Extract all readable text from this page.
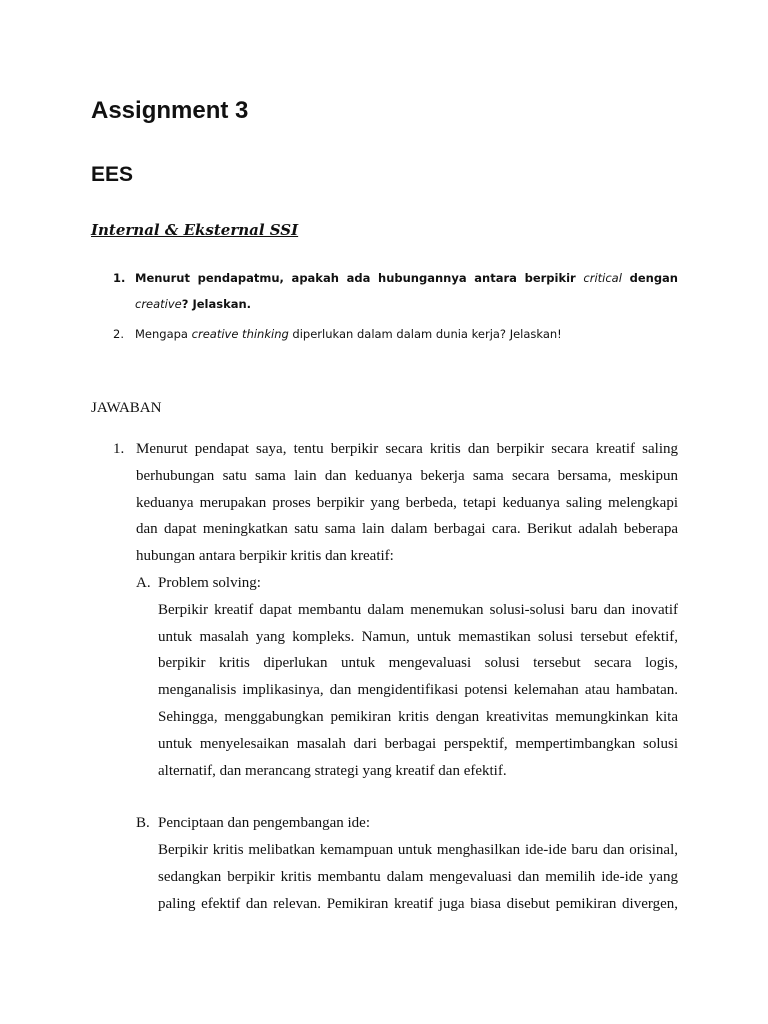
Assignment 3
EES
Internal & Eksternal SSI
1. Menurut pendapatmu, apakah ada hubungannya antara berpikir critical dengan creative? Jelaskan.
2. Mengapa creative thinking diperlukan dalam dalam dunia kerja? Jelaskan!

JAWABAN

1. Menurut pendapat saya, tentu berpikir secara kritis dan berpikir secara kreatif saling berhubungan satu sama lain dan keduanya bekerja sama secara bersama, meskipun keduanya merupakan proses berpikir yang berbeda, tetapi keduanya saling melengkapi dan dapat meningkatkan satu sama lain dalam berbagai cara. Berikut adalah beberapa hubungan antara berpikir kritis dan kreatif:
A. Problem solving:
Berpikir kreatif dapat membantu dalam menemukan solusi-solusi baru dan inovatif untuk masalah yang kompleks. Namun, untuk memastikan solusi tersebut efektif, berpikir kritis diperlukan untuk mengevaluasi solusi tersebut secara logis, menganalisis implikasinya, dan mengidentifikasi potensi kelemahan atau hambatan. Sehingga, menggabungkan pemikiran kritis dengan kreativitas memungkinkan kita untuk menyelesaikan masalah dari berbagai perspektif, mempertimbangkan solusi alternatif, dan merancang strategi yang kreatif dan efektif.
B. Penciptaan dan pengembangan ide:
Berpikir kritis melibatkan kemampuan untuk menghasilkan ide-ide baru dan orisinal, sedangkan berpikir kritis membantu dalam mengevaluasi dan memilih ide-ide yang paling efektif dan relevan. Pemikiran kreatif juga biasa disebut pemikiran divergen,
